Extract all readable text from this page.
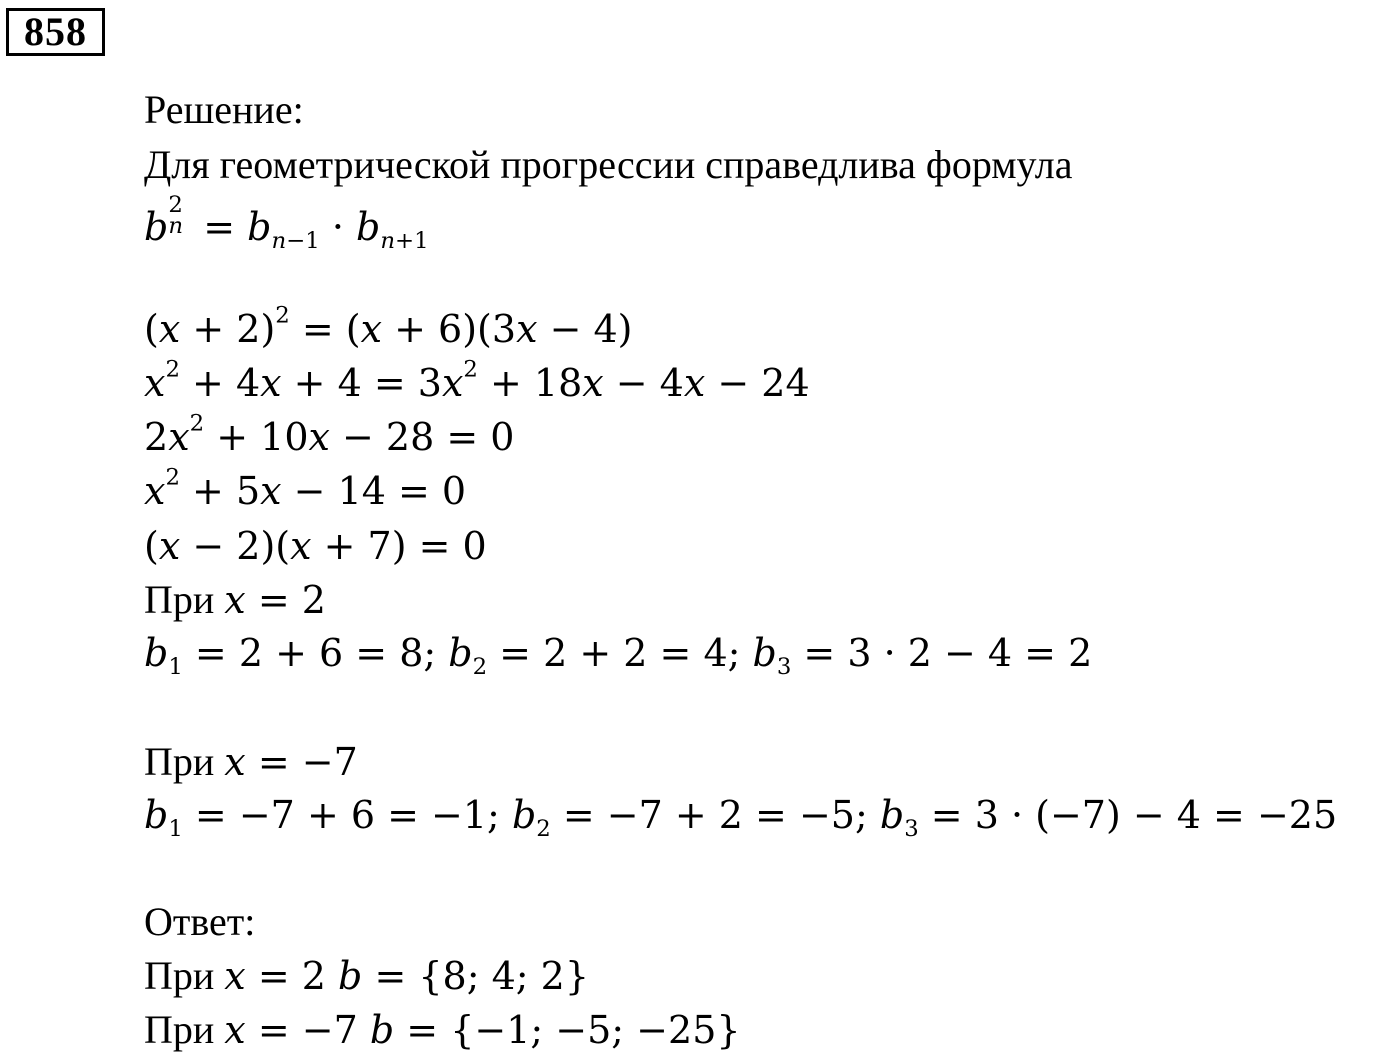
858
Решение:
Для геометрической прогрессии справедлива формула
b 2
$n = b_{n-1} \cdot b_{n+1}$
$(x + 2)^2 = (x + 6)(3x - 4)$
$x^2 + 4x + 4 = 3x^2 + 18x - 4x - 24$
$2x^2 + 10x - 28 = 0$
$x^2 + 5x - 14 = 0$
(x − 2)(x + 7) = 0
При x = 2
$b_1 = 2 + 6 = 8$; $b_2 = 2 + 2 = 4$; $b_3 = 3 \cdot 2 - 4 = 2$
При x = −7
$b_1 = -7 + 6 = -1$; $b_2 = -7 + 2 = -5$; $b_3 = 3 \cdot (-7) - 4 = -25$
Ответ:
При x = 2 b = {8; 4; 2}
При x = −7 b = {−1; −5; −25}
